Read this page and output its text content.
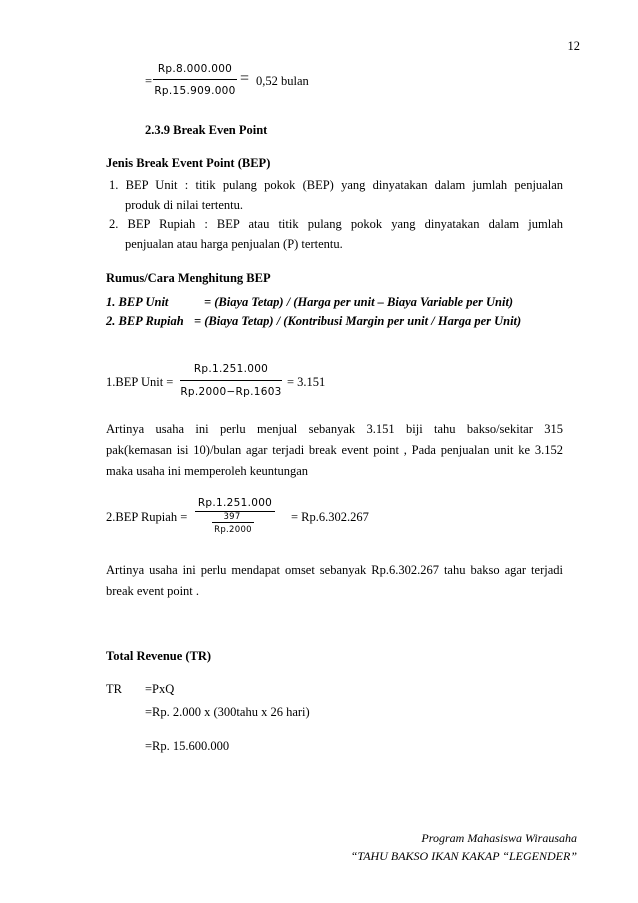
12
=
Rp.8.000.000
Rp.15.909.000
= 0,52 bulan
2.3.9 Break Even Point
Jenis Break Event Point (BEP)
1. BEP Unit : titik pulang pokok (BEP) yang dinyatakan dalam jumlah penjualan
produk di nilai tertentu.
2. BEP Rupiah : BEP atau titik pulang pokok yang dinyatakan dalam jumlah
penjualan atau harga penjualan (P) tertentu.
Rumus/Cara Menghitung BEP
1. BEP Unit	= (Biaya Tetap) / (Harga per unit – Biaya Variable per Unit)
2. BEP Rupiah = (Biaya Tetap) / (Kontribusi Margin per unit / Harga per Unit)
1.BEP Unit =
Rp.1.251.000
Rp.2000−Rp.1603
= 3.151
Artinya usaha ini perlu menjual sebanyak 3.151 biji tahu bakso/sekitar 315
pak(kemasan isi 10)/bulan agar terjadi break event point , Pada penjualan unit ke 3.152
maka usaha ini memperoleh keuntungan
2.BEP Rupiah =
Rp.1.251.000
397
Rp.2000
= Rp.6.302.267
Artinya usaha ini perlu mendapat omset sebanyak Rp.6.302.267 tahu bakso agar terjadi
break event point .
Total Revenue (TR)
TR =PxQ
=Rp. 2.000 x (300tahu x 26 hari)
=Rp. 15.600.000
Program Mahasiswa Wirausaha
“TAHU BAKSO IKAN KAKAP “LEGENDER”
